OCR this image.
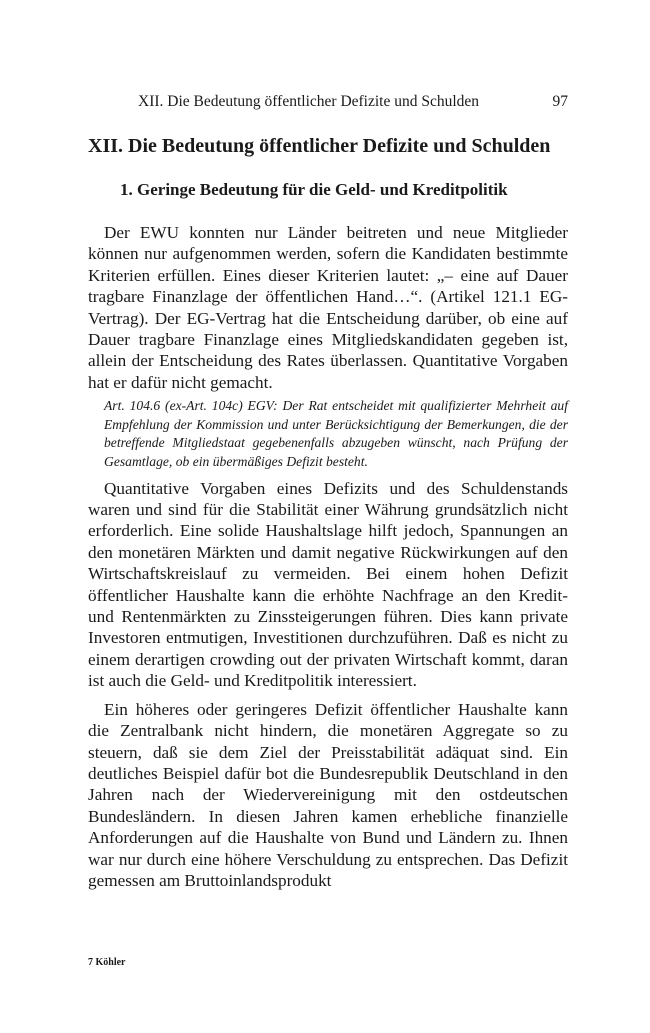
XII. Die Bedeutung öffentlicher Defizite und Schulden	97
XII. Die Bedeutung öffentlicher Defizite und Schulden
1. Geringe Bedeutung für die Geld- und Kreditpolitik

Der EWU konnten nur Länder beitreten und neue Mitglieder können nur aufgenommen werden, sofern die Kandidaten bestimmte Kriterien erfüllen. Eines dieser Kriterien lautet: „– eine auf Dauer tragbare Finanzlage der öffentlichen Hand…“. (Artikel 121.1 EG-Vertrag). Der EG-Vertrag hat die Entscheidung darüber, ob eine auf Dauer tragbare Finanzlage eines Mitgliedskandidaten gegeben ist, allein der Entscheidung des Rates überlassen. Quantitative Vorgaben hat er dafür nicht gemacht.

Art. 104.6 (ex-Art. 104c) EGV: Der Rat entscheidet mit qualifizierter Mehrheit auf Empfehlung der Kommission und unter Berücksichtigung der Bemerkungen, die der betreffende Mitgliedstaat gegebenenfalls abzugeben wünscht, nach Prüfung der Gesamtlage, ob ein übermäßiges Defizit besteht.

Quantitative Vorgaben eines Defizits und des Schuldenstands waren und sind für die Stabilität einer Währung grundsätzlich nicht erforderlich. Eine solide Haushaltslage hilft jedoch, Spannungen an den monetären Märkten und damit negative Rückwirkungen auf den Wirtschaftskreislauf zu vermeiden. Bei einem hohen Defizit öffentlicher Haushalte kann die erhöhte Nachfrage an den Kredit- und Rentenmärkten zu Zinssteigerungen führen. Dies kann private Investoren entmutigen, Investitionen durchzuführen. Daß es nicht zu einem derartigen crowding out der privaten Wirtschaft kommt, daran ist auch die Geld- und Kreditpolitik interessiert.

Ein höheres oder geringeres Defizit öffentlicher Haushalte kann die Zentralbank nicht hindern, die monetären Aggregate so zu steuern, daß sie dem Ziel der Preisstabilität adäquat sind. Ein deutliches Beispiel dafür bot die Bundesrepublik Deutschland in den Jahren nach der Wiedervereinigung mit den ostdeutschen Bundesländern. In diesen Jahren kamen erhebliche finanzielle Anforderungen auf die Haushalte von Bund und Ländern zu. Ihnen war nur durch eine höhere Verschuldung zu entsprechen. Das Defizit gemessen am Bruttoinlandsprodukt

7 Köhler
